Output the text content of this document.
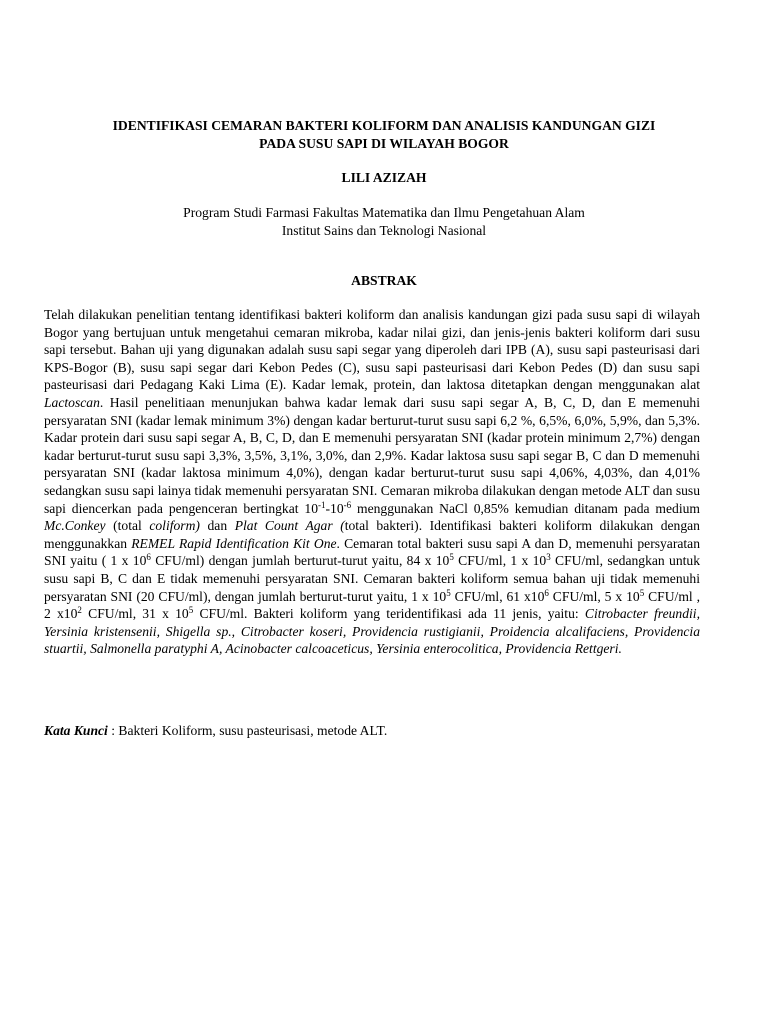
IDENTIFIKASI CEMARAN BAKTERI KOLIFORM DAN ANALISIS KANDUNGAN GIZI
PADA SUSU SAPI DI WILAYAH BOGOR
LILI AZIZAH
Program Studi Farmasi Fakultas Matematika dan Ilmu Pengetahuan Alam
Institut Sains dan Teknologi Nasional
ABSTRAK

Telah dilakukan penelitian tentang identifikasi bakteri koliform dan analisis kandungan gizi pada susu sapi di wilayah Bogor yang bertujuan untuk mengetahui cemaran mikroba, kadar nilai gizi, dan jenis-jenis bakteri koliform dari susu sapi tersebut. Bahan uji yang digunakan adalah susu sapi segar yang diperoleh dari IPB (A), susu sapi pasteurisasi dari KPS-Bogor (B), susu sapi segar dari Kebon Pedes (C), susu sapi pasteurisasi dari Kebon Pedes (D) dan susu sapi pasteurisasi dari Pedagang Kaki Lima (E). Kadar lemak, protein, dan laktosa ditetapkan dengan menggunakan alat Lactoscan. Hasil penelitiaan menunjukan bahwa kadar lemak dari susu sapi segar A, B, C, D, dan E memenuhi persyaratan SNI (kadar lemak minimum 3%) dengan kadar berturut-turut susu sapi 6,2 %, 6,5%, 6,0%, 5,9%, dan 5,3%. Kadar protein dari susu sapi segar A, B, C, D, dan E memenuhi persyaratan SNI (kadar protein minimum 2,7%) dengan kadar berturut-turut susu sapi 3,3%, 3,5%, 3,1%, 3,0%, dan 2,9%. Kadar laktosa susu sapi segar B, C dan D memenuhi persyaratan SNI (kadar laktosa minimum 4,0%), dengan kadar berturut-turut susu sapi 4,06%, 4,03%, dan 4,01% sedangkan susu sapi lainya tidak memenuhi persyaratan SNI. Cemaran mikroba dilakukan dengan metode ALT dan susu sapi diencerkan pada pengenceran bertingkat $10^{-1}-10^{-6}$ menggunakan NaCl 0,85% kemudian ditanam pada medium Mc.Conkey (total coliform) dan Plat Count Agar (total bakteri). Identifikasi bakteri koliform dilakukan dengan menggunakkan REMEL Rapid Identification Kit One. Cemaran total bakteri susu sapi A dan D, memenuhi persyaratan SNI yaitu ( 1 x $10^6$ CFU/ml) dengan jumlah berturut-turut yaitu, 84 x $10^5$ CFU/ml, 1 x $10^3$ CFU/ml, sedangkan untuk susu sapi B, C dan E tidak memenuhi persyaratan SNI. Cemaran bakteri koliform semua bahan uji tidak memenuhi persyaratan SNI (20 CFU/ml), dengan jumlah berturut-turut yaitu, 1 x $10^5$ CFU/ml, 61 $x10^6$ CFU/ml, 5 x $10^5$ CFU/ml , 2 $x10^2$ CFU/ml, 31 x $10^5$ CFU/ml. Bakteri koliform yang teridentifikasi ada 11 jenis, yaitu: Citrobacter freundii, Yersinia kristensenii, Shigella sp., Citrobacter koseri, Providencia rustigianii, Proidencia alcalifaciens, Providencia stuartii, Salmonella paratyphi A, Acinobacter calcoaceticus, Yersinia enterocolitica, Providencia Rettgeri.

Kata Kunci : Bakteri Koliform, susu pasteurisasi, metode ALT.
